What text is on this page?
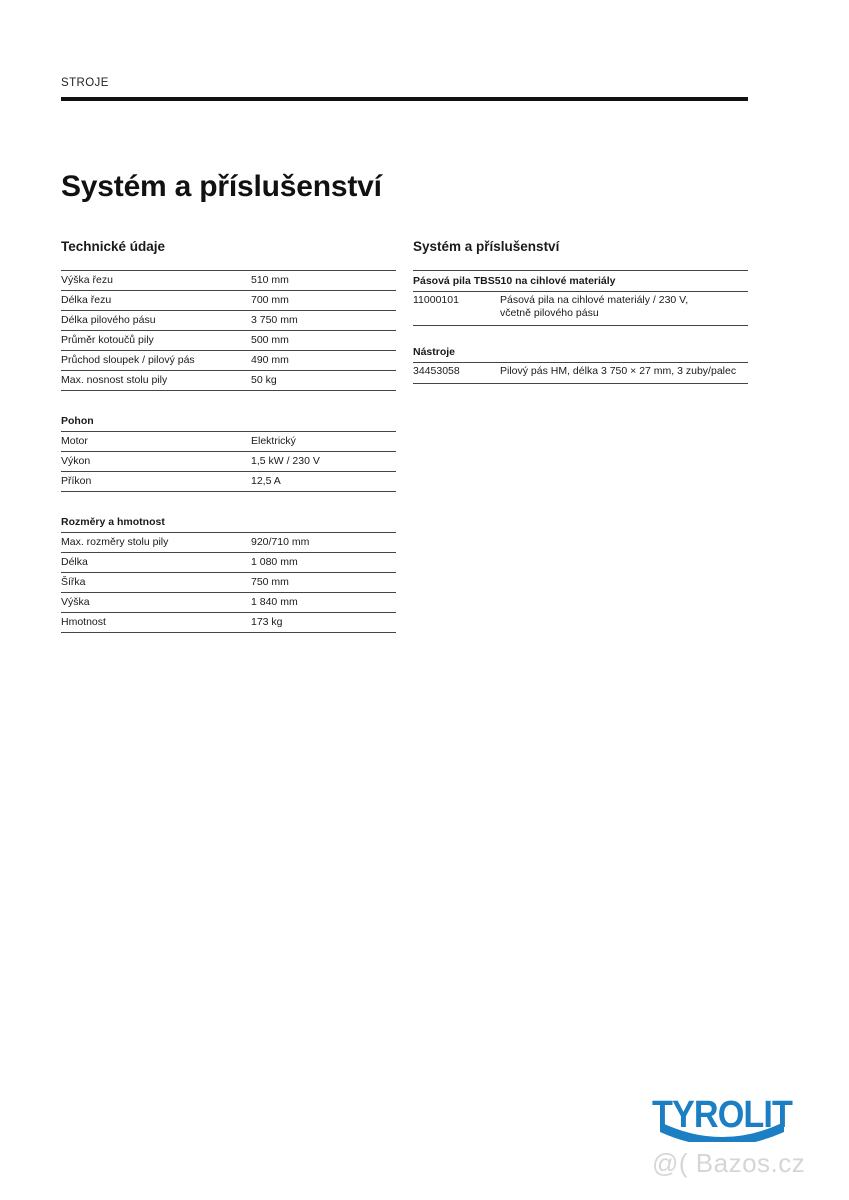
STROJE
Systém a příslušenství
Technické údaje
Výška řezu	510 mm
Délka řezu	700 mm
Délka pilového pásu	3 750 mm
Průměr kotoučů pily	500 mm
Průchod sloupek / pilový pás	490 mm
Max. nosnost stolu pily	50 kg
Pohon
Motor	Elektrický
Výkon	1,5 kW / 230 V
Příkon	12,5 A
Rozměry a hmotnost
Max. rozměry stolu pily	920/710 mm
Délka	1 080 mm
Šířka	750 mm
Výška	1 840 mm
Hmotnost	173 kg
Systém a příslušenství
Pásová pila TBS510 na cihlové materiály
11000101	Pásová pila na cihlové materiály / 230 V,
včetně pilového pásu
Nástroje
34453058	Pilový pás HM, délka 3 750 × 27 mm, 3 zuby/palec
TYROLIT
@( Bazos.cz
